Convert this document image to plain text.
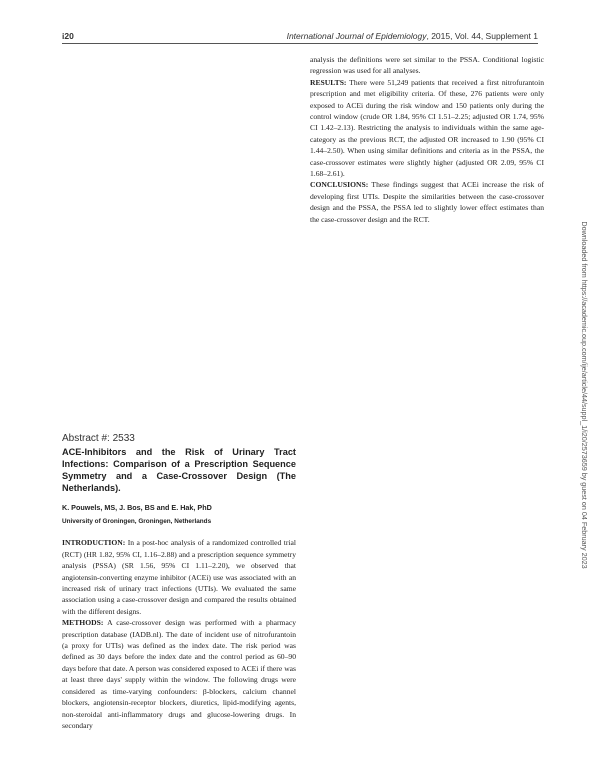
i20	International Journal of Epidemiology, 2015, Vol. 44, Supplement 1

analysis the definitions were set similar to the PSSA. Conditional logistic regression was used for all analyses.

RESULTS: There were 51,249 patients that received a first nitrofurantoin prescription and met eligibility criteria. Of these, 276 patients were only exposed to ACEi during the risk window and 150 patients only during the control window (crude OR 1.84, 95% CI 1.51–2.25; adjusted OR 1.74, 95% CI 1.42–2.13). Restricting the analysis to individuals within the same age-category as the previous RCT, the adjusted OR increased to 1.90 (95% CI 1.44–2.50). When using similar definitions and criteria as in the PSSA, the case-crossover estimates were slightly higher (adjusted OR 2.09, 95% CI 1.68–2.61).

CONCLUSIONS: These findings suggest that ACEi increase the risk of developing first UTIs. Despite the similarities between the case-crossover design and the PSSA, the PSSA led to slightly lower effect estimates than the case-crossover design and the RCT.

Abstract #: 2533
ACE-Inhibitors and the Risk of Urinary Tract Infections: Comparison of a Prescription Sequence Symmetry and a Case-Crossover Design (The Netherlands).
K. Pouwels, MS, J. Bos, BS and E. Hak, PhD
University of Groningen, Groningen, Netherlands

INTRODUCTION: In a post-hoc analysis of a randomized controlled trial (RCT) (HR 1.82, 95% CI, 1.16–2.88) and a prescription sequence symmetry analysis (PSSA) (SR 1.56, 95% CI 1.11–2.20), we observed that angiotensin-converting enzyme inhibitor (ACEi) use was associated with an increased risk of urinary tract infections (UTIs). We evaluated the same association using a case-crossover design and compared the results obtained with the different designs.

METHODS: A case-crossover design was performed with a pharmacy prescription database (IADB.nl). The date of incident use of nitrofurantoin (a proxy for UTIs) was defined as the index date. The risk period was defined as 30 days before the index date and the control period as 60–90 days before that date. A person was considered exposed to ACEi if there was at least three days' supply within the window. The following drugs were considered as time-varying confounders: β-blockers, calcium channel blockers, angiotensin-receptor blockers, diuretics, lipid-modifying agents, non-steroidal anti-inflammatory drugs and glucose-lowering drugs. In secondary

Downloaded from https://academic.oup.com/ije/article/44/suppl_1/i20/2573659 by guest on 04 February 2023
